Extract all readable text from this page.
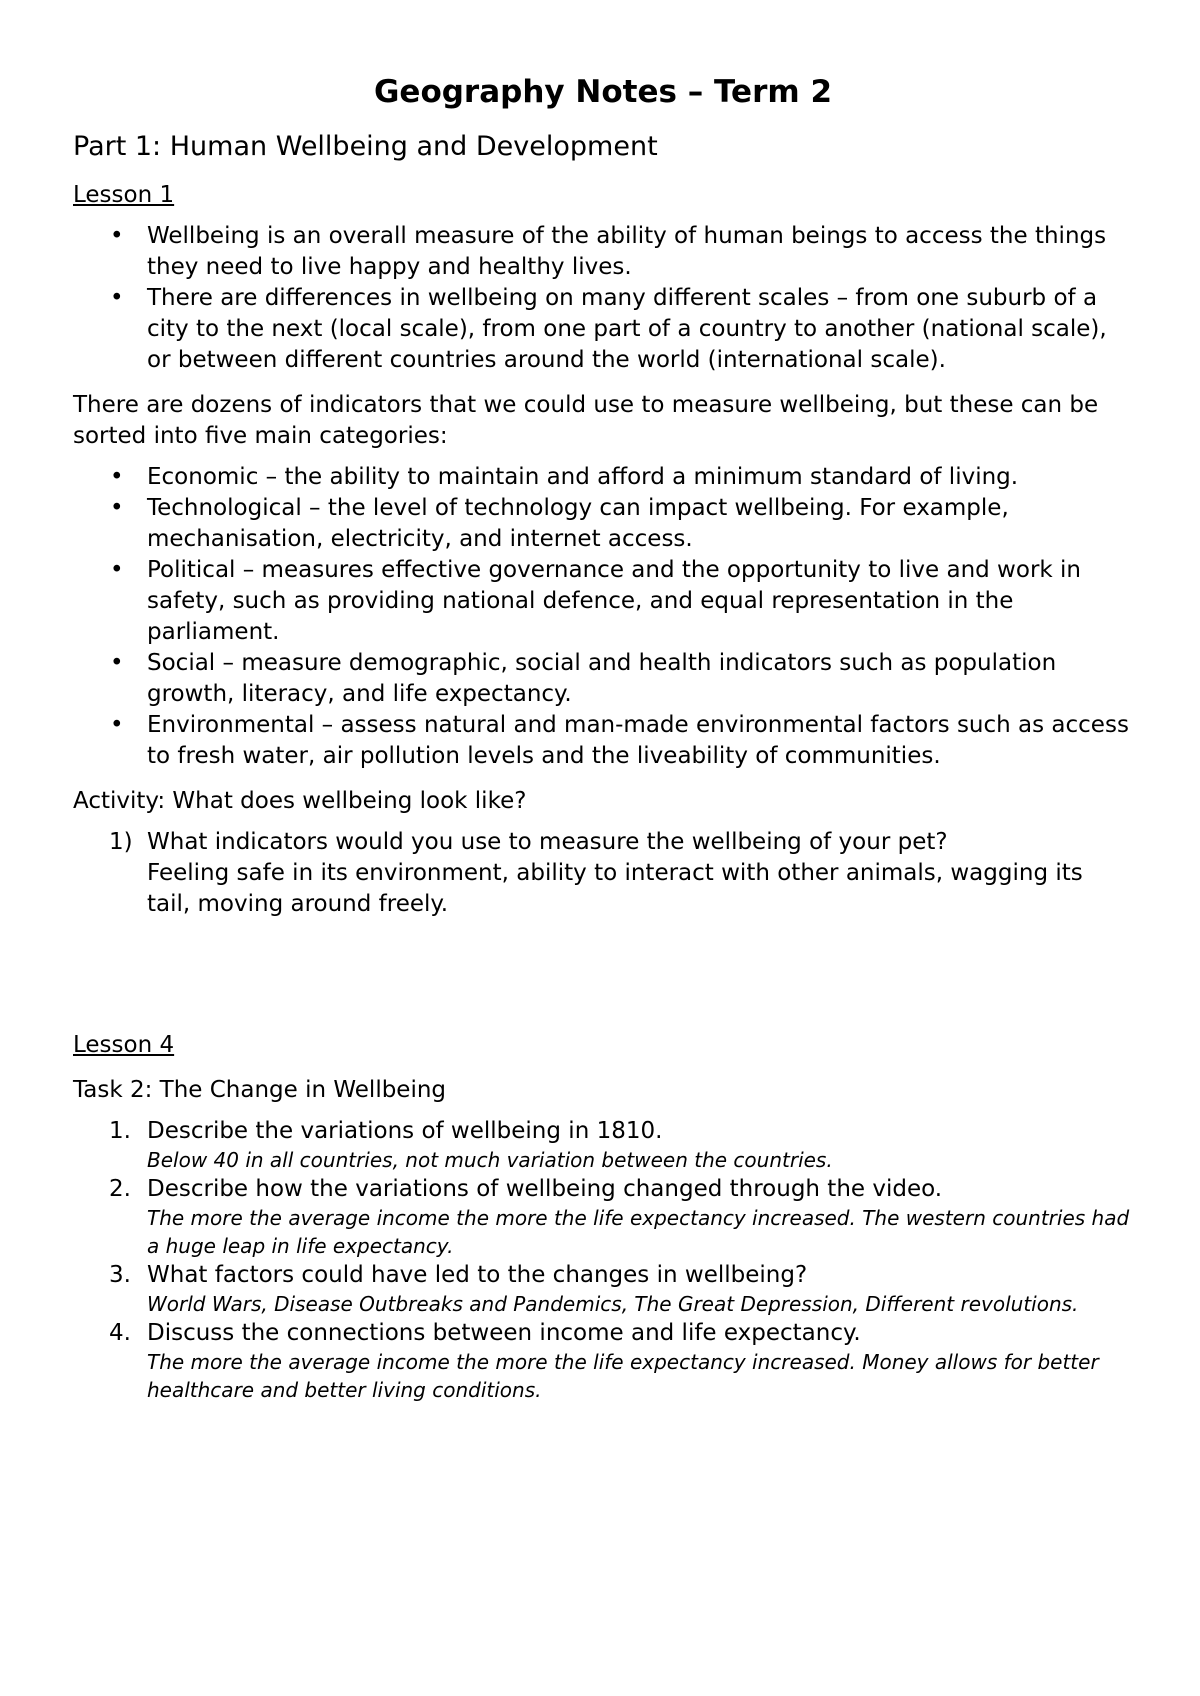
Geography Notes – Term 2
Part 1: Human Wellbeing and Development
Lesson 1
• Wellbeing is an overall measure of the ability of human beings to access the things they need to live happy and healthy lives.
• There are differences in wellbeing on many different scales – from one suburb of a city to the next (local scale), from one part of a country to another (national scale), or between different countries around the world (international scale).

There are dozens of indicators that we could use to measure wellbeing, but these can be sorted into five main categories:

• Economic – the ability to maintain and afford a minimum standard of living.
• Technological – the level of technology can impact wellbeing. For example, mechanisation, electricity, and internet access.
• Political – measures effective governance and the opportunity to live and work in safety, such as providing national defence, and equal representation in the parliament.
• Social – measure demographic, social and health indicators such as population growth, literacy, and life expectancy.
• Environmental – assess natural and man-made environmental factors such as access to fresh water, air pollution levels and the liveability of communities.

Activity: What does wellbeing look like?

1) What indicators would you use to measure the wellbeing of your pet?
Feeling safe in its environment, ability to interact with other animals, wagging its tail, moving around freely.
Lesson 4

Task 2: The Change in Wellbeing

1. Describe the variations of wellbeing in 1810.
Below 40 in all countries, not much variation between the countries.
2. Describe how the variations of wellbeing changed through the video.
The more the average income the more the life expectancy increased. The western countries had a huge leap in life expectancy.
3. What factors could have led to the changes in wellbeing?
World Wars, Disease Outbreaks and Pandemics, The Great Depression, Different revolutions.
4. Discuss the connections between income and life expectancy.
The more the average income the more the life expectancy increased. Money allows for better healthcare and better living conditions.
